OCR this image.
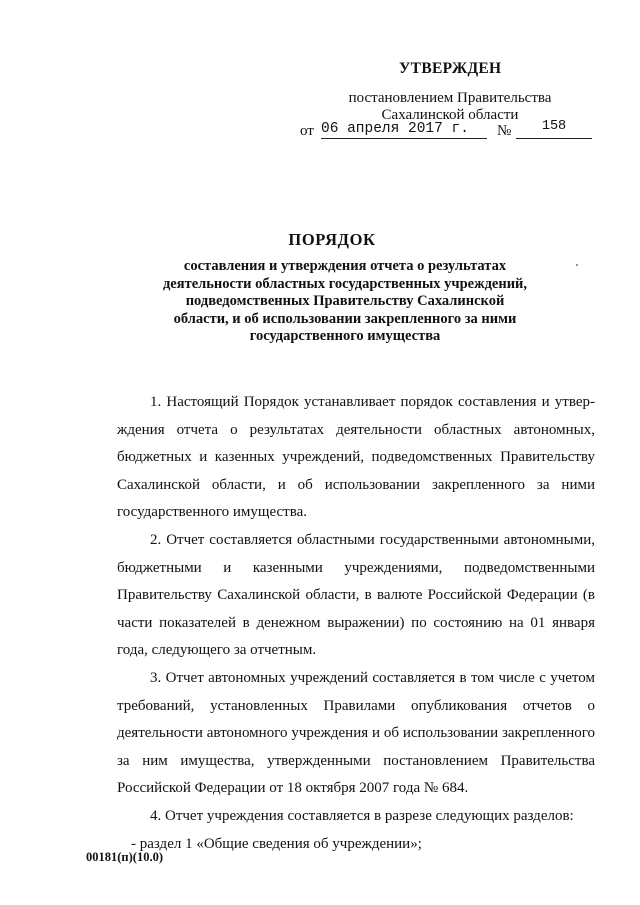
УТВЕРЖДЕН
постановлением Правительства
Сахалинской области
от 06 апреля 2017 г.	№	158
ПОРЯДОК
составления и утверждения отчета о результатах
деятельности областных государственных учреждений,
подведомственных Правительству Сахалинской
области, и об использовании закрепленного за ними
государственного имущества

1. Настоящий Порядок устанавливает порядок составления и утверждения отчета о результатах деятельности областных автономных, бюджетных и казенных учреждений, подведомственных Правительству Сахалинской области, и об использовании закрепленного за ними государственного имущества.

2. Отчет составляется областными государственными автономными, бюджетными и казенными учреждениями, подведомственными Правительству Сахалинской области, в валюте Российской Федерации (в части показателей в денежном выражении) по состоянию на 01 января года, следующего за отчетным.

3. Отчет автономных учреждений составляется в том числе с учетом требований, установленных Правилами опубликования отчетов о деятельности автономного учреждения и об использовании закрепленного за ним имущества, утвержденными постановлением Правительства Российской Федерации от 18 октября 2007 года № 684.

4. Отчет учреждения составляется в разрезе следующих разделов:

- раздел 1 «Общие сведения об учреждении»;

00181(п)(10.0)
